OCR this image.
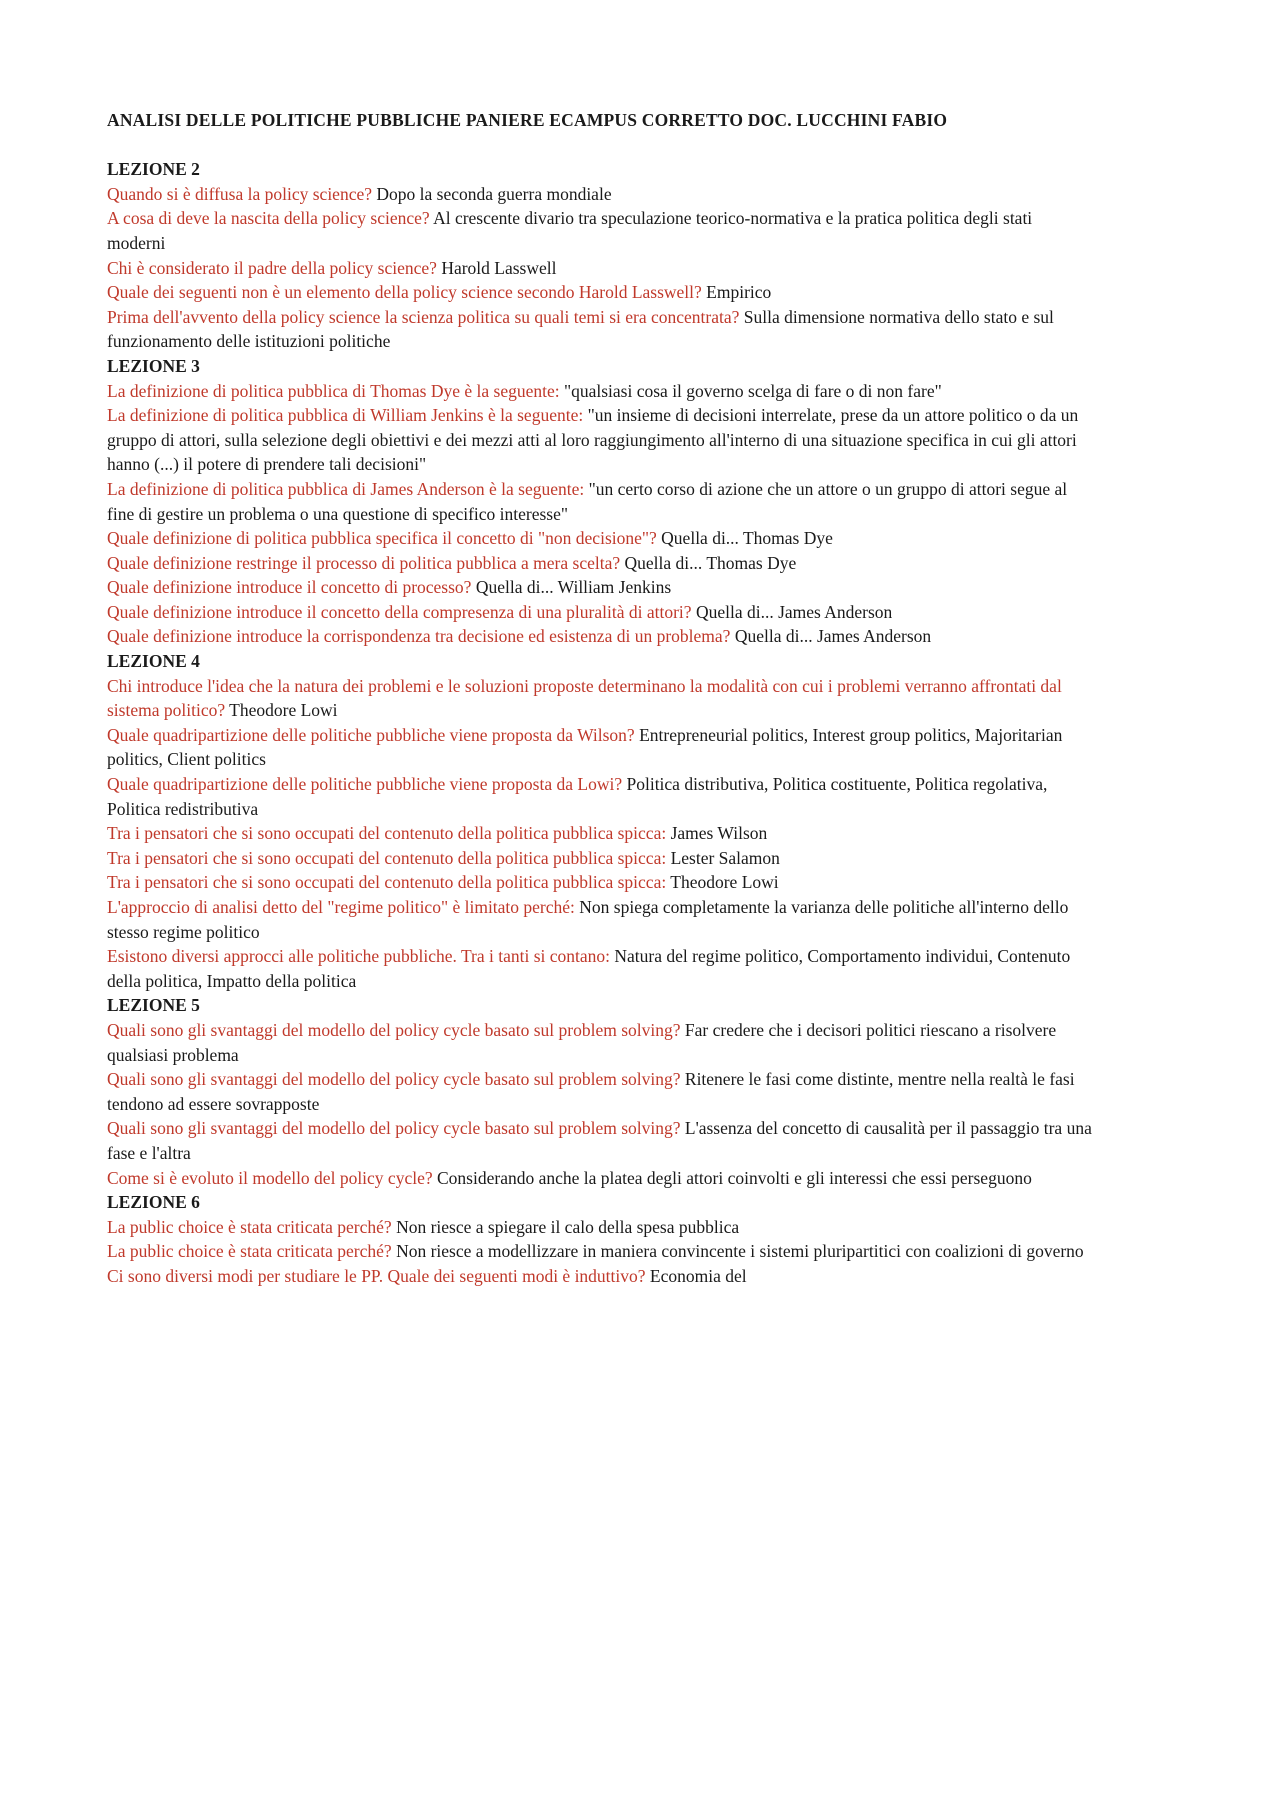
ANALISI DELLE POLITICHE PUBBLICHE PANIERE ECAMPUS CORRETTO DOC. LUCCHINI FABIO

LEZIONE 2

Quando si è diffusa la policy science? Dopo la seconda guerra mondiale

A cosa di deve la nascita della policy science? Al crescente divario tra speculazione teorico-normativa e la pratica politica degli stati moderni

Chi è considerato il padre della policy science? Harold Lasswell

Quale dei seguenti non è un elemento della policy science secondo Harold Lasswell? Empirico

Prima dell'avvento della policy science la scienza politica su quali temi si era concentrata? Sulla dimensione normativa dello stato e sul funzionamento delle istituzioni politiche

LEZIONE 3

La definizione di politica pubblica di Thomas Dye è la seguente: "qualsiasi cosa il governo scelga di fare o di non fare"

La definizione di politica pubblica di William Jenkins è la seguente: "un insieme di decisioni interrelate, prese da un attore politico o da un gruppo di attori, sulla selezione degli obiettivi e dei mezzi atti al loro raggiungimento all'interno di una situazione specifica in cui gli attori hanno (...) il potere di prendere tali decisioni"

La definizione di politica pubblica di James Anderson è la seguente: "un certo corso di azione che un attore o un gruppo di attori segue al fine di gestire un problema o una questione di specifico interesse"

Quale definizione di politica pubblica specifica il concetto di "non decisione"? Quella di... Thomas Dye

Quale definizione restringe il processo di politica pubblica a mera scelta? Quella di... Thomas Dye

Quale definizione introduce il concetto di processo? Quella di... William Jenkins

Quale definizione introduce il concetto della compresenza di una pluralità di attori? Quella di... James Anderson

Quale definizione introduce la corrispondenza tra decisione ed esistenza di un problema? Quella di... James Anderson

LEZIONE 4

Chi introduce l'idea che la natura dei problemi e le soluzioni proposte determinano la modalità con cui i problemi verranno affrontati dal sistema politico? Theodore Lowi

Quale quadripartizione delle politiche pubbliche viene proposta da Wilson? Entrepreneurial politics, Interest group politics, Majoritarian politics, Client politics

Quale quadripartizione delle politiche pubbliche viene proposta da Lowi? Politica distributiva, Politica costituente, Politica regolativa, Politica redistributiva

Tra i pensatori che si sono occupati del contenuto della politica pubblica spicca: James Wilson

Tra i pensatori che si sono occupati del contenuto della politica pubblica spicca: Lester Salamon

Tra i pensatori che si sono occupati del contenuto della politica pubblica spicca: Theodore Lowi

L'approccio di analisi detto del "regime politico" è limitato perché: Non spiega completamente la varianza delle politiche all'interno dello stesso regime politico

Esistono diversi approcci alle politiche pubbliche. Tra i tanti si contano: Natura del regime politico, Comportamento individui, Contenuto della politica, Impatto della politica

LEZIONE 5

Quali sono gli svantaggi del modello del policy cycle basato sul problem solving? Far credere che i decisori politici riescano a risolvere qualsiasi problema

Quali sono gli svantaggi del modello del policy cycle basato sul problem solving? Ritenere le fasi come distinte, mentre nella realtà le fasi tendono ad essere sovrapposte

Quali sono gli svantaggi del modello del policy cycle basato sul problem solving? L'assenza del concetto di causalità per il passaggio tra una fase e l'altra

Come si è evoluto il modello del policy cycle? Considerando anche la platea degli attori coinvolti e gli interessi che essi perseguono

LEZIONE 6

La public choice è stata criticata perché? Non riesce a spiegare il calo della spesa pubblica

La public choice è stata criticata perché? Non riesce a modellizzare in maniera convincente i sistemi pluripartitici con coalizioni di governo

Ci sono diversi modi per studiare le PP. Quale dei seguenti modi è induttivo? Economia del
